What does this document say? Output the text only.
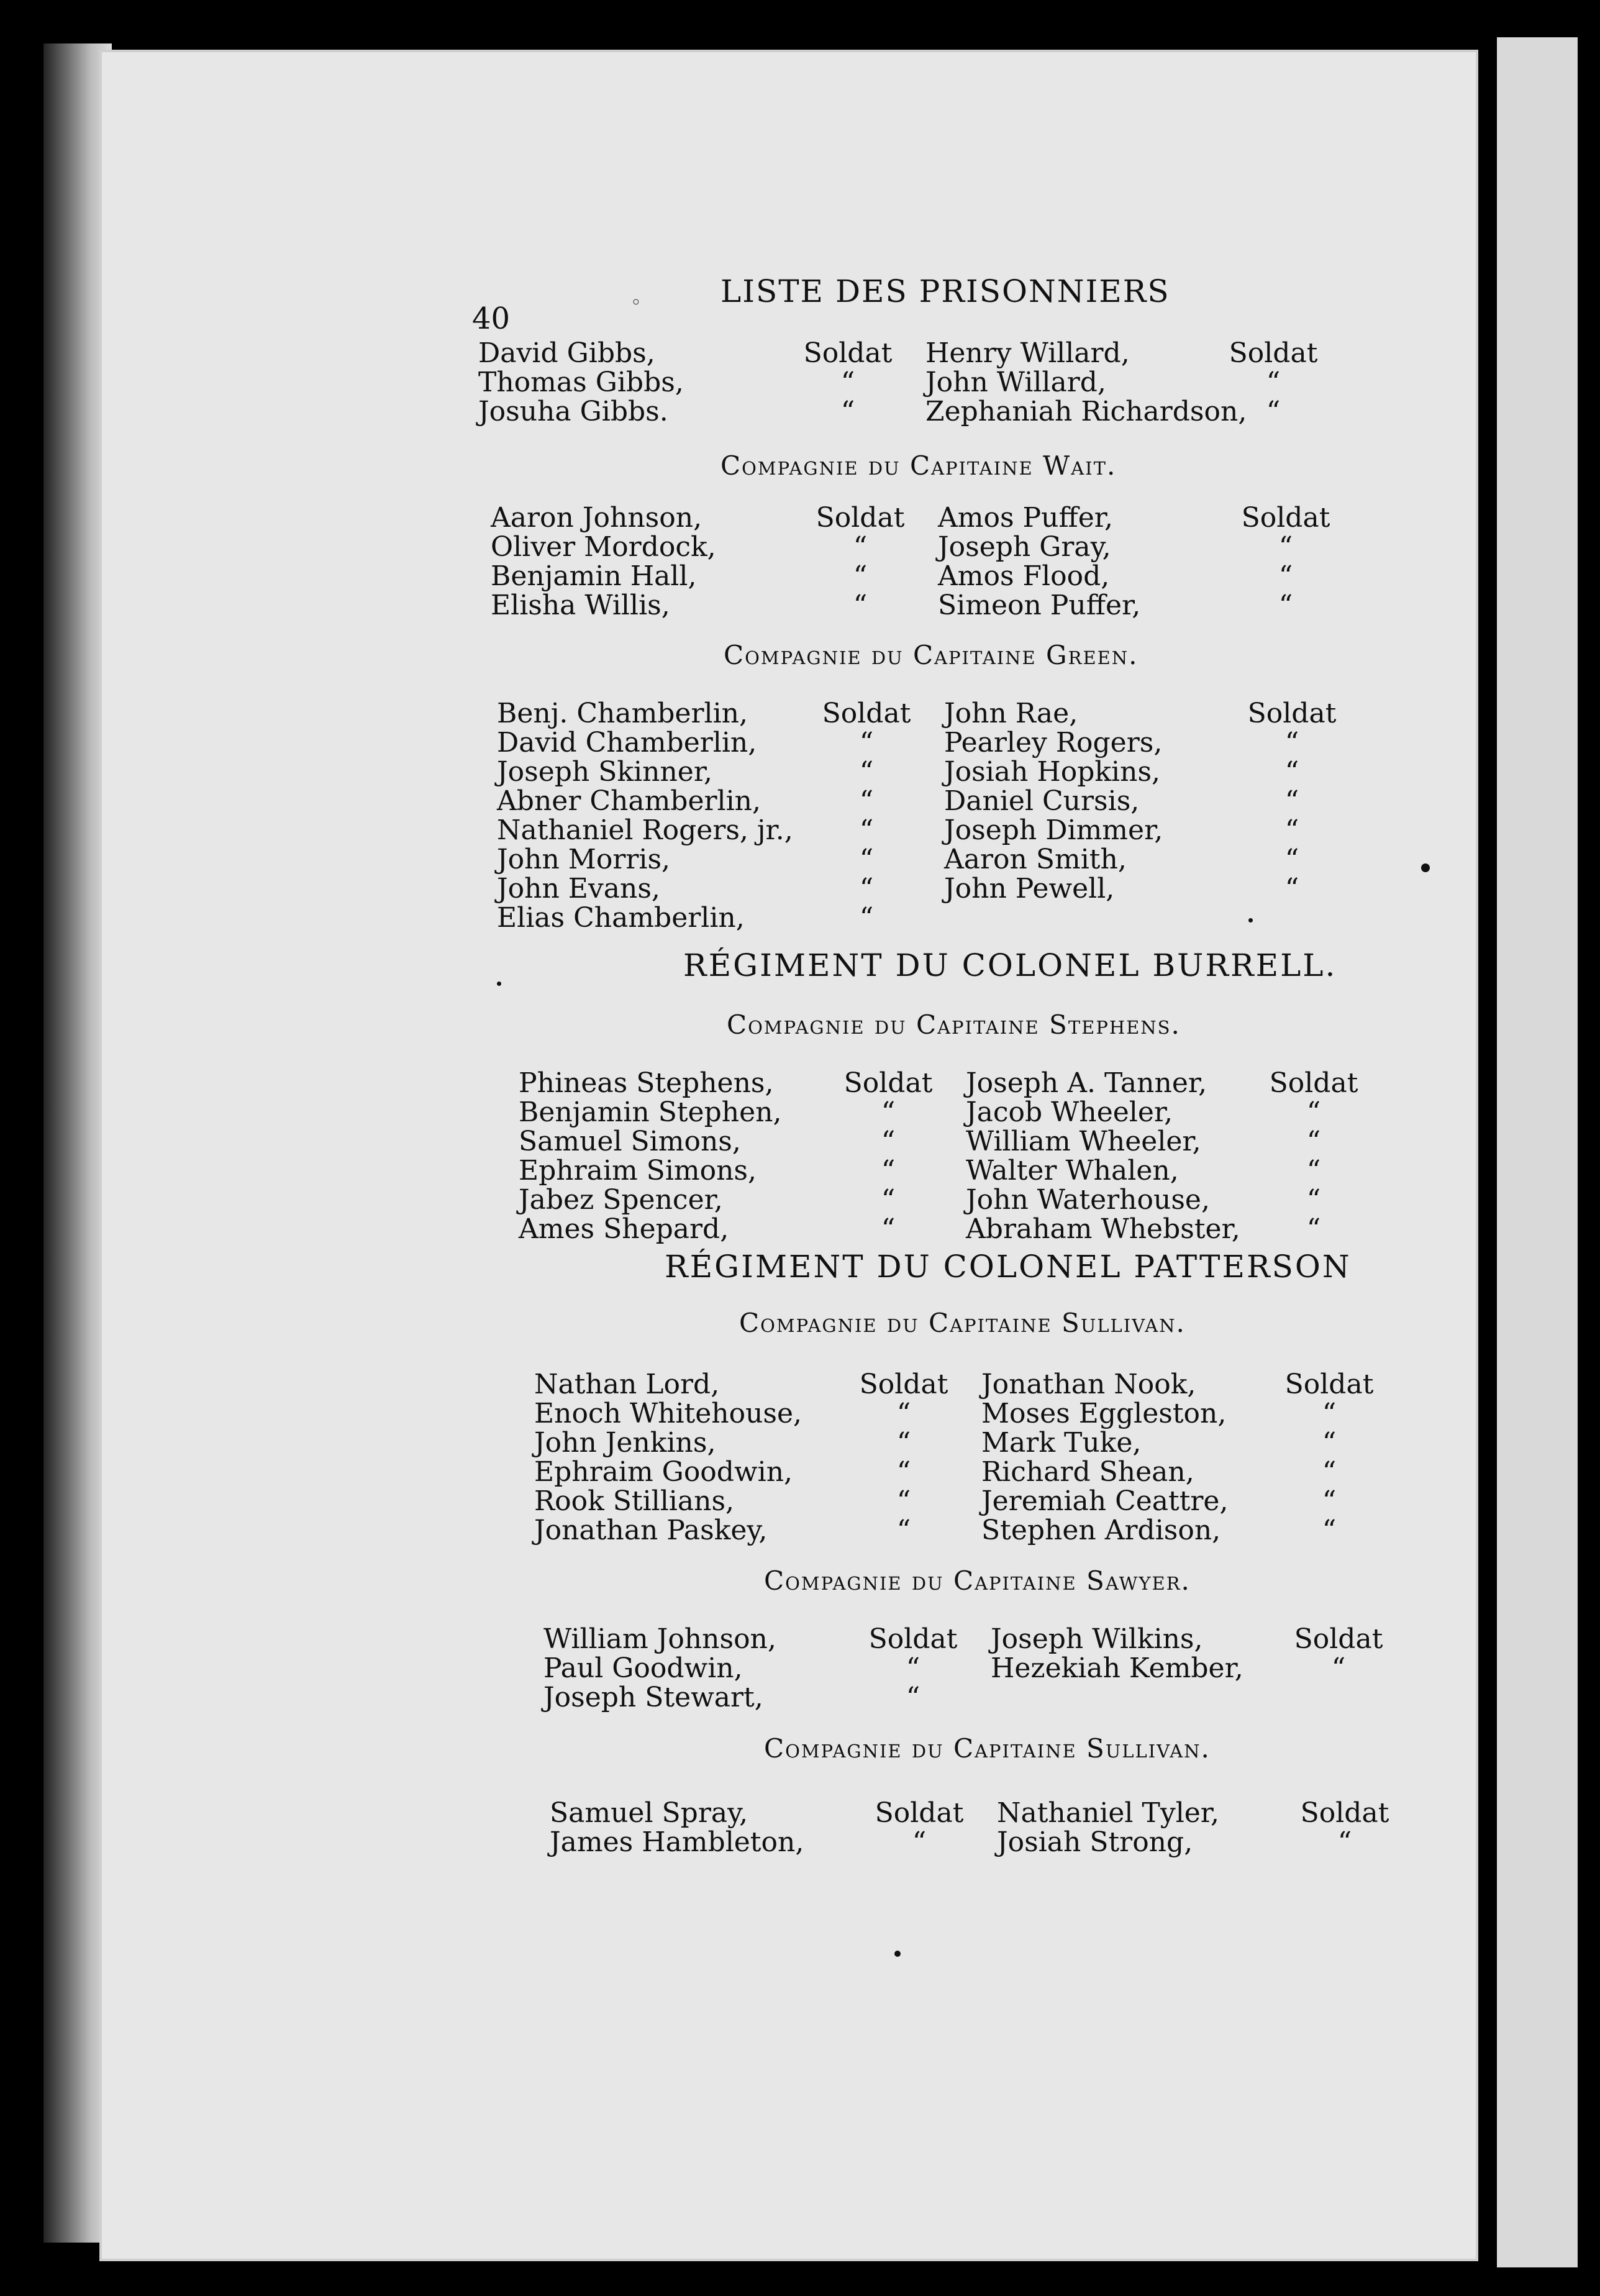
40	◦	LISTE DES PRISONNIERS
David Gibbs,	Soldat	Henry Willard,	Soldat
Thomas Gibbs,	“	John Willard,	“
Josuha Gibbs.	“	Zephaniah Richardson, “
Compagnie du Capitaine Wait.
Aaron Johnson,	Soldat	Amos Puffer,	Soldat
Oliver Mordock,	“	Joseph Gray,	“
Benjamin Hall,	“	Amos Flood,	“
Elisha Willis,	“	Simeon Puffer,	“
Compagnie du Capitaine Green.
Benj. Chamberlin,	Soldat	John Rae,	Soldat
David Chamberlin,	“	Pearley Rogers,	“
Joseph Skinner,	“	Josiah Hopkins,	“
Abner Chamberlin,	“	Daniel Cursis,	“
Nathaniel Rogers, jr.,	“	Joseph Dimmer,	“
John Morris,	“	Aaron Smith,	“
John Evans,	“	John Pewell,	“
Elias Chamberlin,	“
RÉGIMENT DU COLONEL BURRELL.
Compagnie du Capitaine Stephens.
Phineas Stephens,	Soldat	Joseph A. Tanner,	Soldat
Benjamin Stephen,	“	Jacob Wheeler,	“
Samuel Simons,	“	William Wheeler,	“
Ephraim Simons,	“	Walter Whalen,	“
Jabez Spencer,	“	John Waterhouse,	“
Ames Shepard,	“	Abraham Whebster,	“
RÉGIMENT DU COLONEL PATTERSON
Compagnie du Capitaine Sullivan.
Nathan Lord,	Soldat	Jonathan Nook,	Soldat
Enoch Whitehouse,	“	Moses Eggleston,	“
John Jenkins,	“	Mark Tuke,	“
Ephraim Goodwin,	“	Richard Shean,	“
Rook Stillians,	“	Jeremiah Ceattre,	“
Jonathan Paskey,	“	Stephen Ardison,	“
Compagnie du Capitaine Sawyer.
William Johnson,	Soldat	Joseph Wilkins,	Soldat
Paul Goodwin,	“	Hezekiah Kember,	“
Joseph Stewart,	“
Compagnie du Capitaine Sullivan.
Samuel Spray,	Soldat	Nathaniel Tyler,	Soldat
James Hambleton,	“	Josiah Strong,	“
